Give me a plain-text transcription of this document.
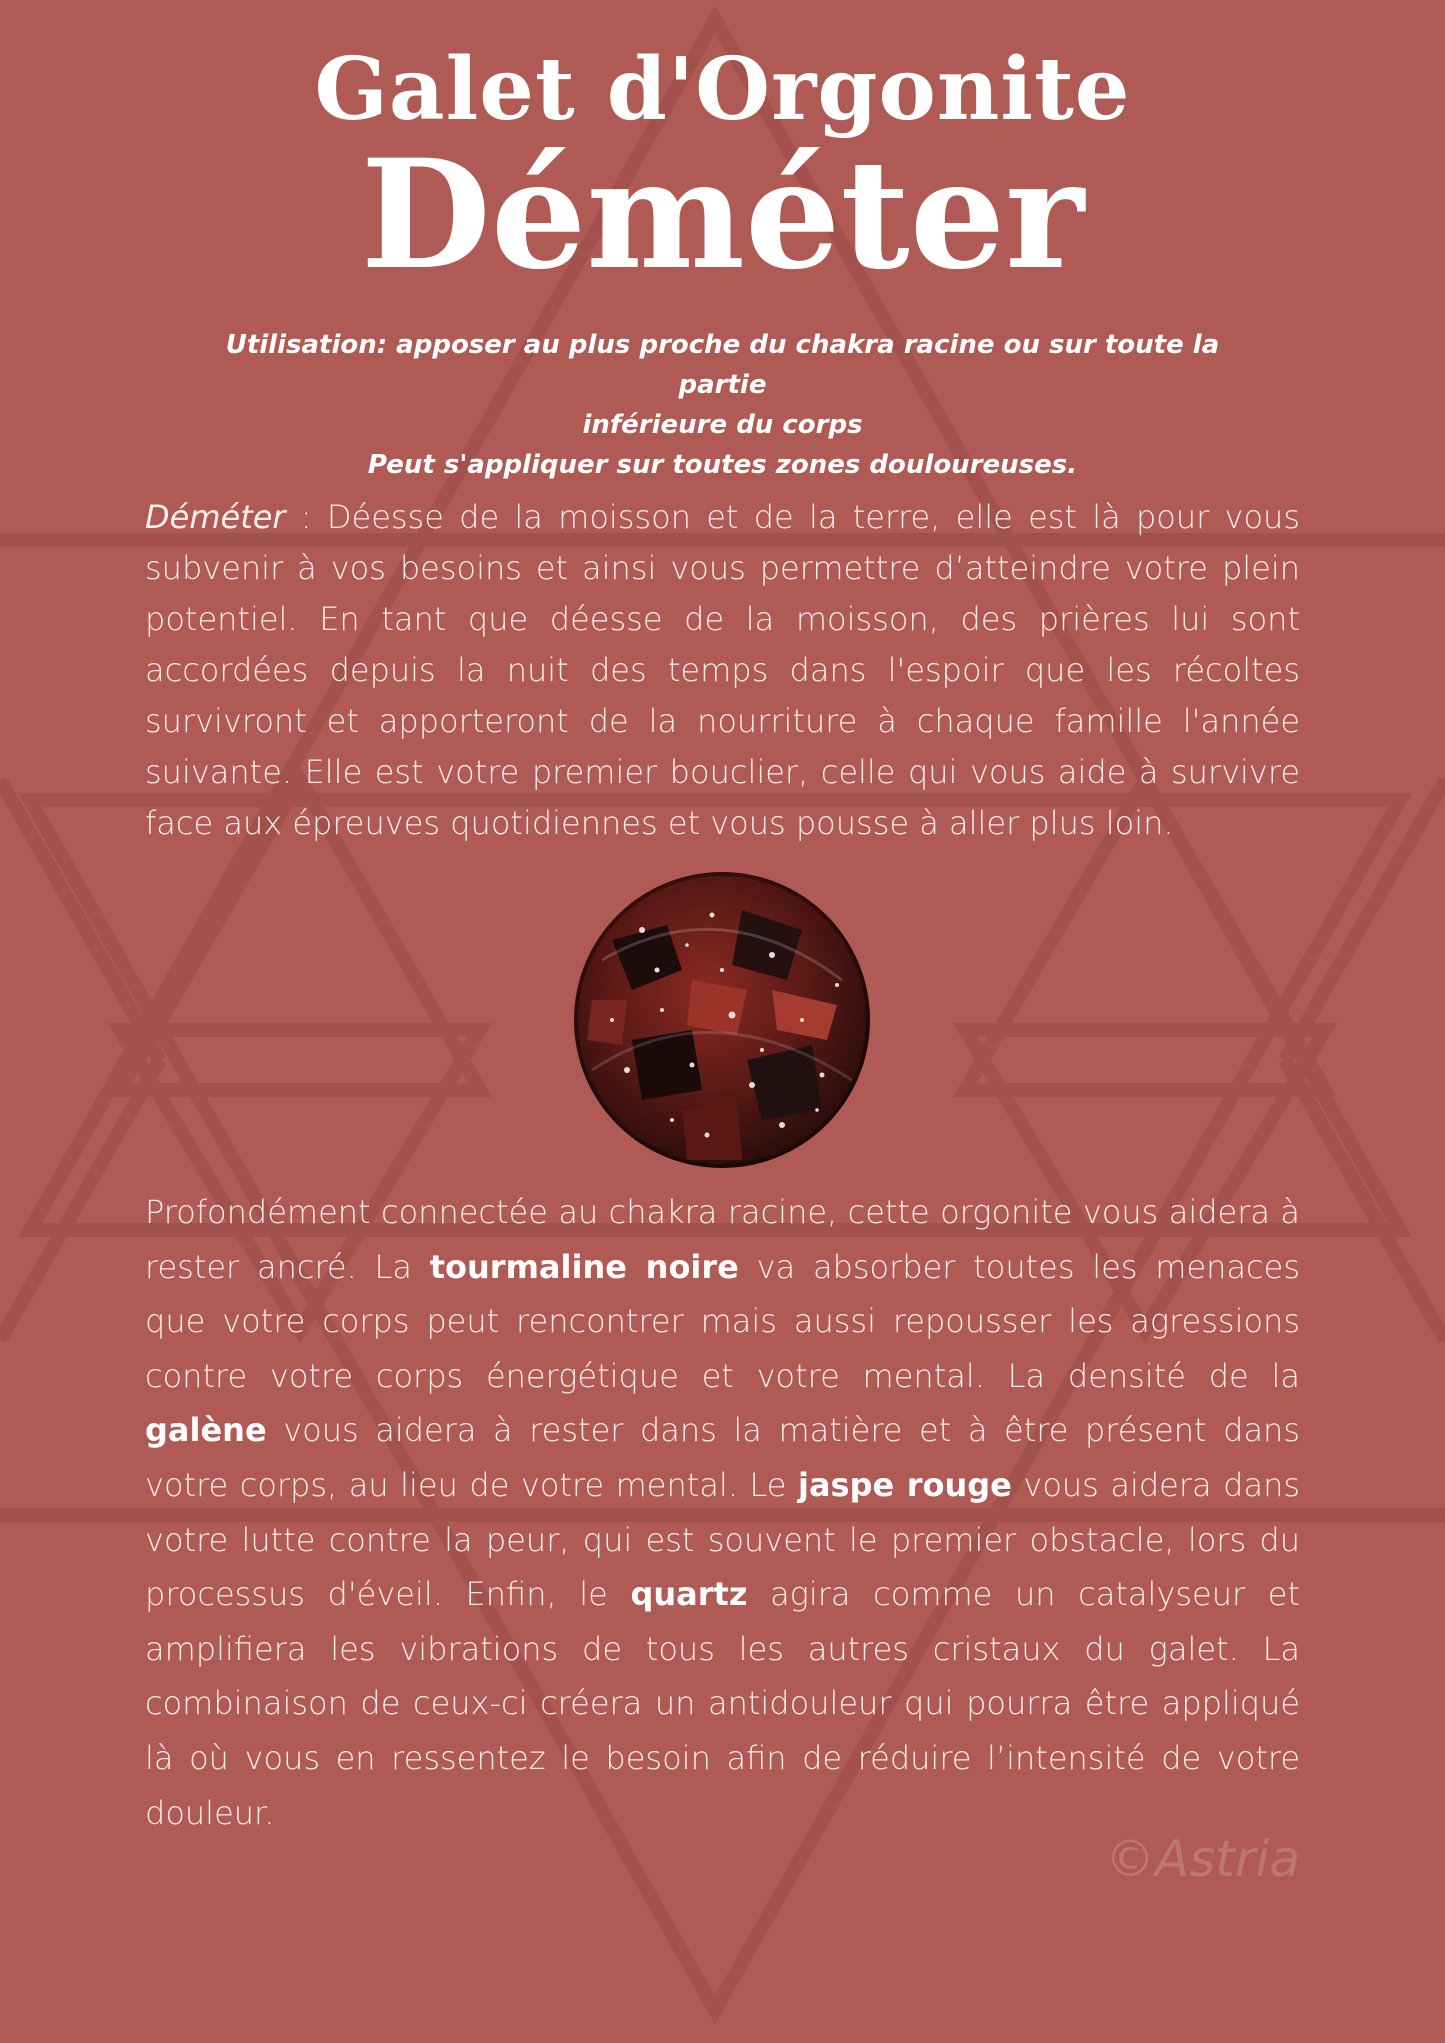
Galet d'Orgonite
Déméter
Utilisation: apposer au plus proche du chakra racine ou sur toute la partie
inférieure du corps
Peut s'appliquer sur toutes zones douloureuses.
Déméter : Déesse de la moisson et de la terre, elle est là pour vous subvenir à vos besoins et ainsi vous permettre d’atteindre votre plein potentiel. En tant que déesse de la moisson, des prières lui sont accordées depuis la nuit des temps dans l'espoir que les récoltes survivront et apporteront de la nourriture à chaque famille l'année suivante. Elle est votre premier bouclier, celle qui vous aide à survivre face aux épreuves quotidiennes et vous pousse à aller plus loin.
Profondément connectée au chakra racine, cette orgonite vous aidera à rester ancré. La tourmaline noire va absorber toutes les menaces que votre corps peut rencontrer mais aussi repousser les agressions contre votre corps énergétique et votre mental. La densité de la galène vous aidera à rester dans la matière et à être présent dans votre corps, au lieu de votre mental. Le jaspe rouge vous aidera dans votre lutte contre la peur, qui est souvent le premier obstacle, lors du processus d'éveil. Enfin, le quartz agira comme un catalyseur et amplifiera les vibrations de tous les autres cristaux du galet. La combinaison de ceux-ci créera un antidouleur qui pourra être appliqué là où vous en ressentez le besoin afin de réduire l’intensité de votre douleur.
©Astria
